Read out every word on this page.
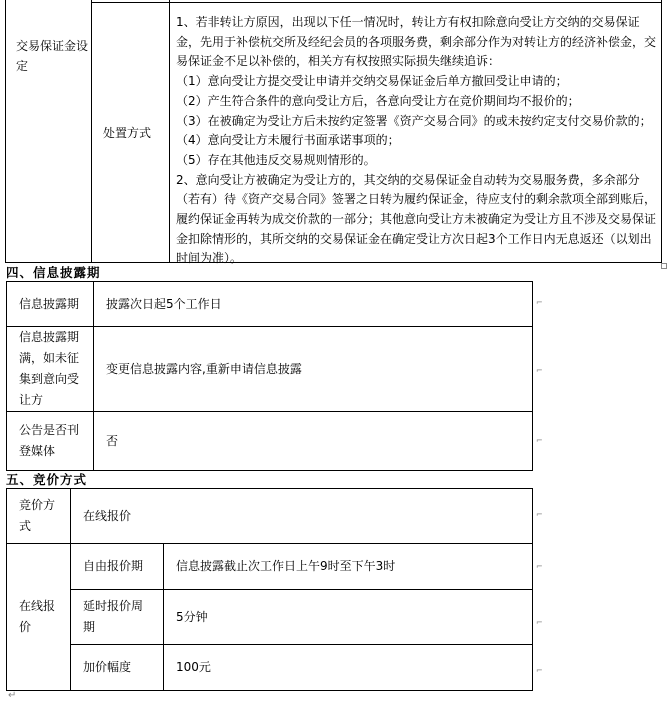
交易保证金设定
处置方式
1、若非转让方原因，出现以下任一情况时，转让方有权扣除意向受让方交纳的交易保证金，先用于补偿杭交所及经纪会员的各项服务费，剩余部分作为对转让方的经济补偿金，交易保证金不足以补偿的，相关方有权按照实际损失继续追诉：
（1）意向受让方提交受让申请并交纳交易保证金后单方撤回受让申请的；
（2）产生符合条件的意向受让方后，各意向受让方在竞价期间均不报价的；
（3）在被确定为受让方后未按约定签署《资产交易合同》的或未按约定支付交易价款的；
（4）意向受让方未履行书面承诺事项的；
（5）存在其他违反交易规则情形的。
2、意向受让方被确定为受让方的，其交纳的交易保证金自动转为交易服务费，多余部分（若有）待《资产交易合同》签署之日转为履约保证金，待应支付的剩余款项全部到账后，履约保证金再转为成交价款的一部分；其他意向受让方未被确定为受让方且不涉及交易保证金扣除情形的，其所交纳的交易保证金在确定受让方次日起3个工作日内无息返还（以划出时间为准）。
四、信息披露期
信息披露期 披露次日起5个工作日
信息披露期满，如未征集到意向受让方
变更信息披露内容,重新申请信息披露
公告是否刊登媒体
否
五、竞价方式
竞价方式
在线报价
在线报价
自由报价期	信息披露截止次工作日上午9时至下午3时
延时报价周期
5分钟
加价幅度	100元
⌐
⌐
⌐
⌐
⌐
⌐
⌐
↵
